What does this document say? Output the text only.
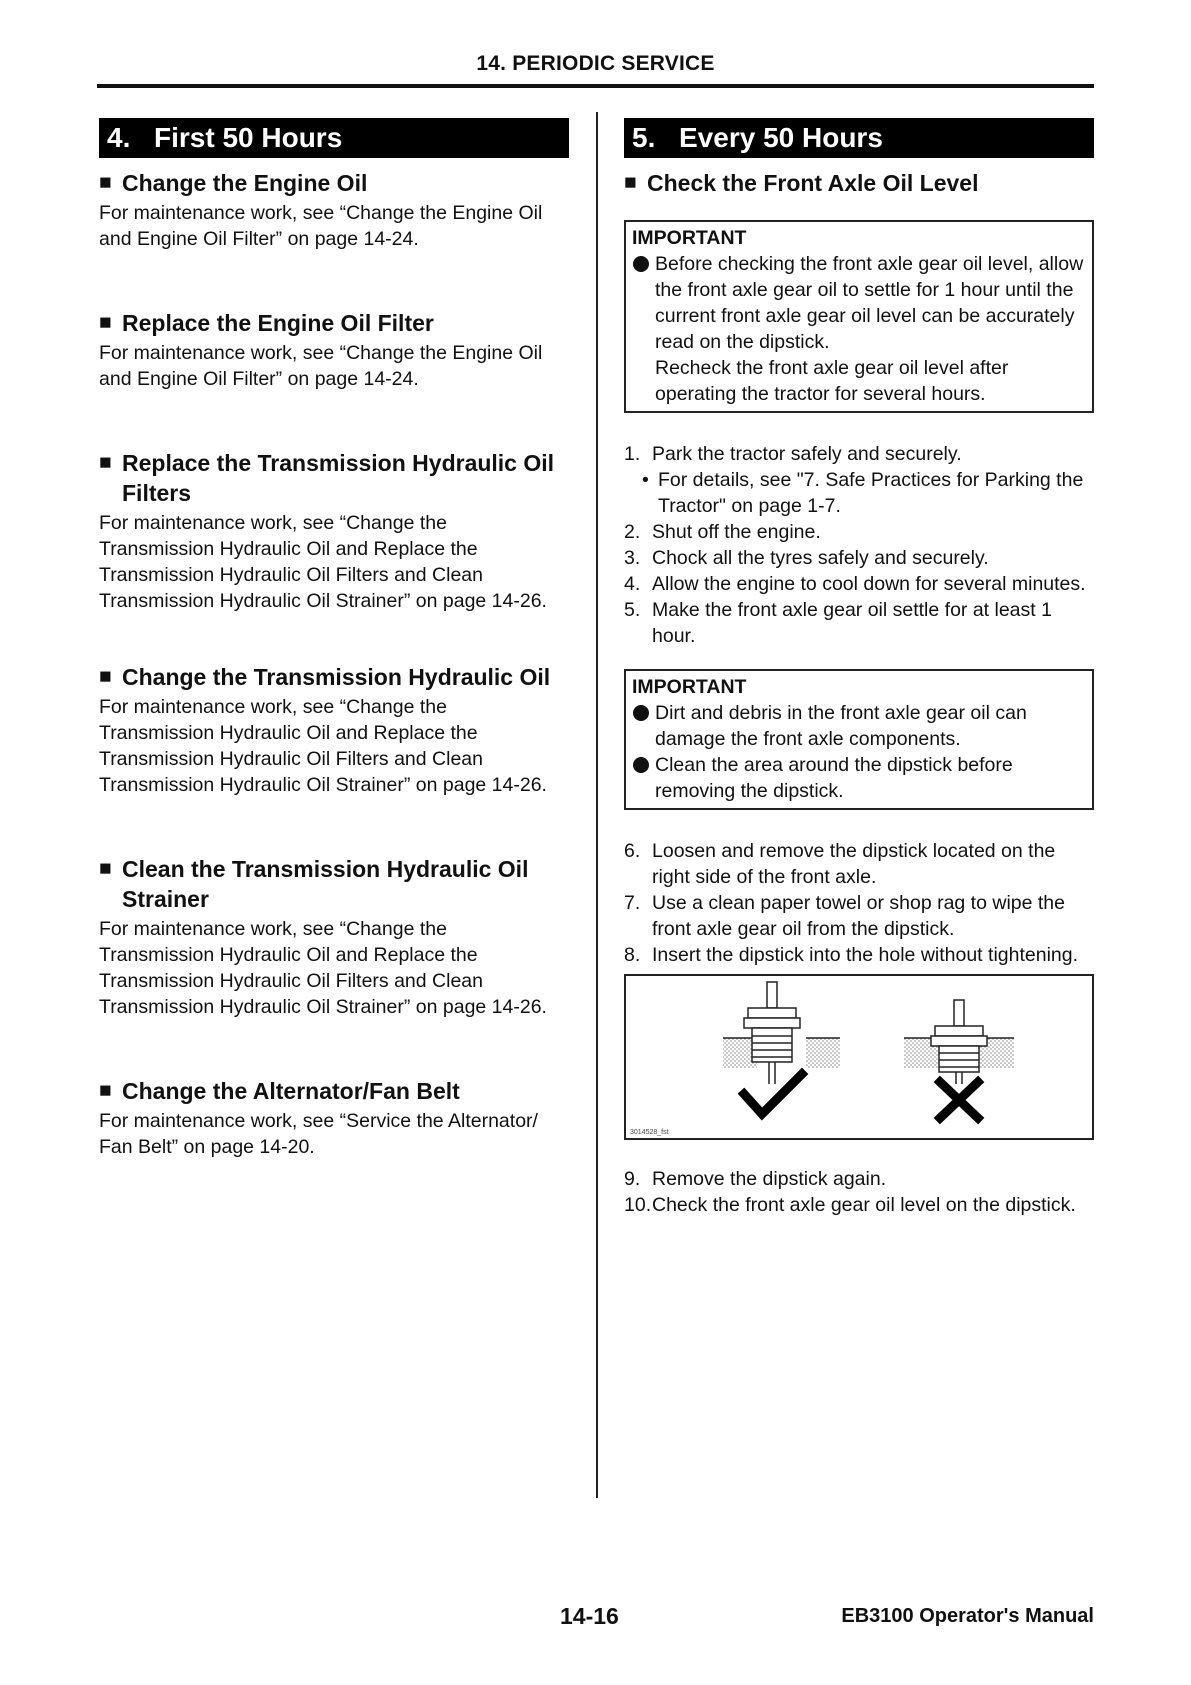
14. PERIODIC SERVICE
4. First 50 Hours
■ Change the Engine Oil
For maintenance work, see “Change the Engine Oil
and Engine Oil Filter” on page 14-24.
■ Replace the Engine Oil Filter
For maintenance work, see “Change the Engine Oil
and Engine Oil Filter” on page 14-24.
■ Replace the Transmission Hydraulic Oil Filters
For maintenance work, see “Change the
Transmission Hydraulic Oil and Replace the
Transmission Hydraulic Oil Filters and Clean
Transmission Hydraulic Oil Strainer” on page 14-26.
■ Change the Transmission Hydraulic Oil
For maintenance work, see “Change the
Transmission Hydraulic Oil and Replace the
Transmission Hydraulic Oil Filters and Clean
Transmission Hydraulic Oil Strainer” on page 14-26.
■ Clean the Transmission Hydraulic Oil Strainer
For maintenance work, see “Change the
Transmission Hydraulic Oil and Replace the
Transmission Hydraulic Oil Filters and Clean
Transmission Hydraulic Oil Strainer” on page 14-26.
■ Change the Alternator/Fan Belt
For maintenance work, see “Service the Alternator/
Fan Belt” on page 14-20.
5. Every 50 Hours
■ Check the Front Axle Oil Level
IMPORTANT
Before checking the front axle gear oil level, allow the front axle gear oil to settle for 1 hour until the current front axle gear oil level can be accurately read on the dipstick.
Recheck the front axle gear oil level after operating the tractor for several hours.
1. Park the tractor safely and securely.
• For details, see "7. Safe Practices for Parking the Tractor" on page 1-7.
2. Shut off the engine.
3. Chock all the tyres safely and securely.
4. Allow the engine to cool down for several minutes.
5. Make the front axle gear oil settle for at least 1 hour.
IMPORTANT
Dirt and debris in the front axle gear oil can damage the front axle components.
Clean the area around the dipstick before removing the dipstick.
6. Loosen and remove the dipstick located on the right side of the front axle.
7. Use a clean paper towel or shop rag to wipe the front axle gear oil from the dipstick.
8. Insert the dipstick into the hole without tightening.
3014528_fst
9. Remove the dipstick again.
10. Check the front axle gear oil level on the dipstick.
14-16	EB3100 Operator's Manual
